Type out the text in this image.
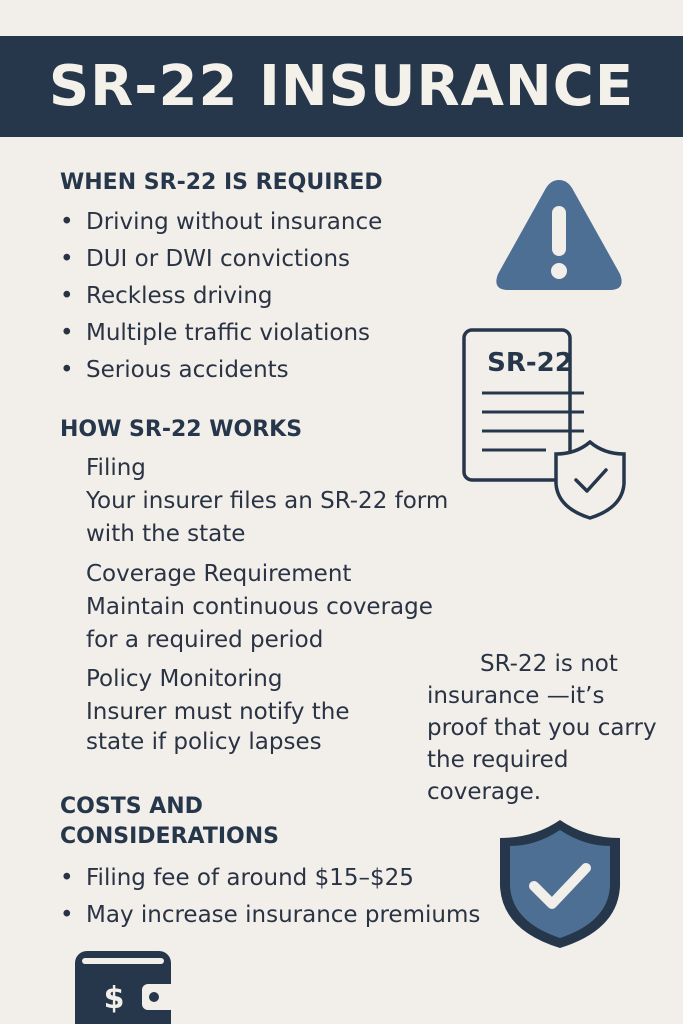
SR-22 INSURANCE
WHEN SR-22 IS REQUIRED
• Driving without insurance
• DUI or DWI convictions
• Reckless driving
• Multiple traffic violations
• Serious accidents
HOW SR-22 WORKS
Filing
Your insurer files an SR-22 form
with the state
Coverage Requirement
Maintain continuous coverage
for a required period
Policy Monitoring
Insurer must notify the
state if policy lapses
SR-22 is not insurance —it’s proof that you carry the required coverage.
COSTS AND
CONSIDERATIONS
• Filing fee of around $15–$25
• May increase insurance premiums
SR-22
$
